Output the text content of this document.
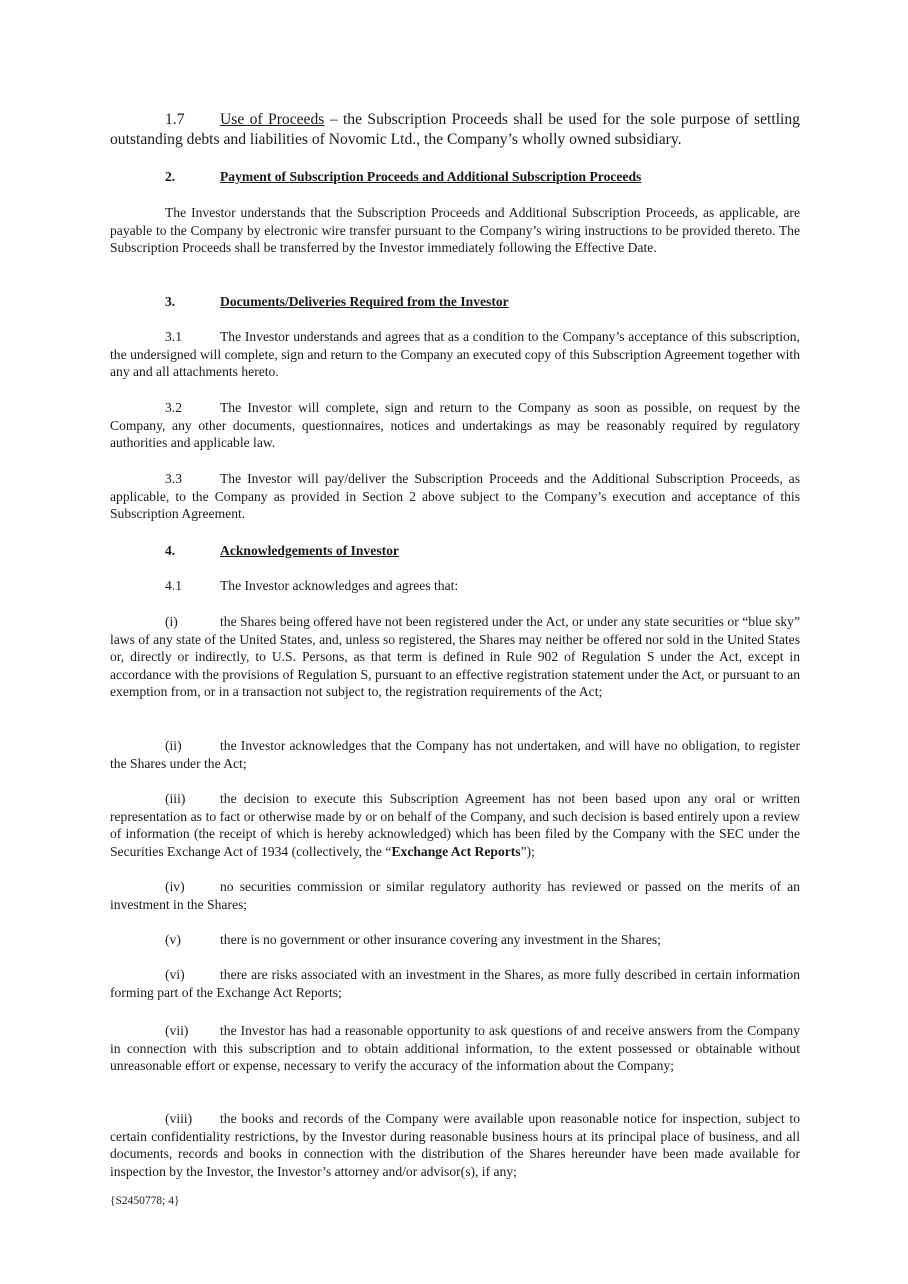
1.7 Use of Proceeds – the Subscription Proceeds shall be used for the sole purpose of settling outstanding debts and liabilities of Novomic Ltd., the Company’s wholly owned subsidiary.

2.	Payment of Subscription Proceeds and Additional Subscription Proceeds

The Investor understands that the Subscription Proceeds and Additional Subscription Proceeds, as applicable, are payable to the Company by electronic wire transfer pursuant to the Company’s wiring instructions to be provided thereto. The Subscription Proceeds shall be transferred by the Investor immediately following the Effective Date.

3.	Documents/Deliveries Required from the Investor

3.1	The Investor understands and agrees that as a condition to the Company’s acceptance of this subscription, the undersigned will complete, sign and return to the Company an executed copy of this Subscription Agreement together with any and all attachments hereto.

3.2	The Investor will complete, sign and return to the Company as soon as possible, on request by the Company, any other documents, questionnaires, notices and undertakings as may be reasonably required by regulatory authorities and applicable law.

3.3	The Investor will pay/deliver the Subscription Proceeds and the Additional Subscription Proceeds, as applicable, to the Company as provided in Section 2 above subject to the Company’s execution and acceptance of this Subscription Agreement.

4.	Acknowledgements of Investor

4.1	The Investor acknowledges and agrees that:

(i)	the Shares being offered have not been registered under the Act, or under any state securities or “blue sky” laws of any state of the United States, and, unless so registered, the Shares may neither be offered nor sold in the United States or, directly or indirectly, to U.S. Persons, as that term is defined in Rule 902 of Regulation S under the Act, except in accordance with the provisions of Regulation S, pursuant to an effective registration statement under the Act, or pursuant to an exemption from, or in a transaction not subject to, the registration requirements of the Act;

(ii)	the Investor acknowledges that the Company has not undertaken, and will have no obligation, to register the Shares under the Act;

(iii)	the decision to execute this Subscription Agreement has not been based upon any oral or written representation as to fact or otherwise made by or on behalf of the Company, and such decision is based entirely upon a review of information (the receipt of which is hereby acknowledged) which has been filed by the Company with the SEC under the Securities Exchange Act of 1934 (collectively, the “Exchange Act Reports”);

(iv)	no securities commission or similar regulatory authority has reviewed or passed on the merits of an investment in the Shares;

(v)	there is no government or other insurance covering any investment in the Shares;

(vi)	there are risks associated with an investment in the Shares, as more fully described in certain information forming part of the Exchange Act Reports;

(vii) the Investor has had a reasonable opportunity to ask questions of and receive answers from the Company in connection with this subscription and to obtain additional information, to the extent possessed or obtainable without unreasonable effort or expense, necessary to verify the accuracy of the information about the Company;

(viii) the books and records of the Company were available upon reasonable notice for inspection, subject to certain confidentiality restrictions, by the Investor during reasonable business hours at its principal place of business, and all documents, records and books in connection with the distribution of the Shares hereunder have been made available for inspection by the Investor, the Investor’s attorney and/or advisor(s), if any;

{S2450778; 4}
